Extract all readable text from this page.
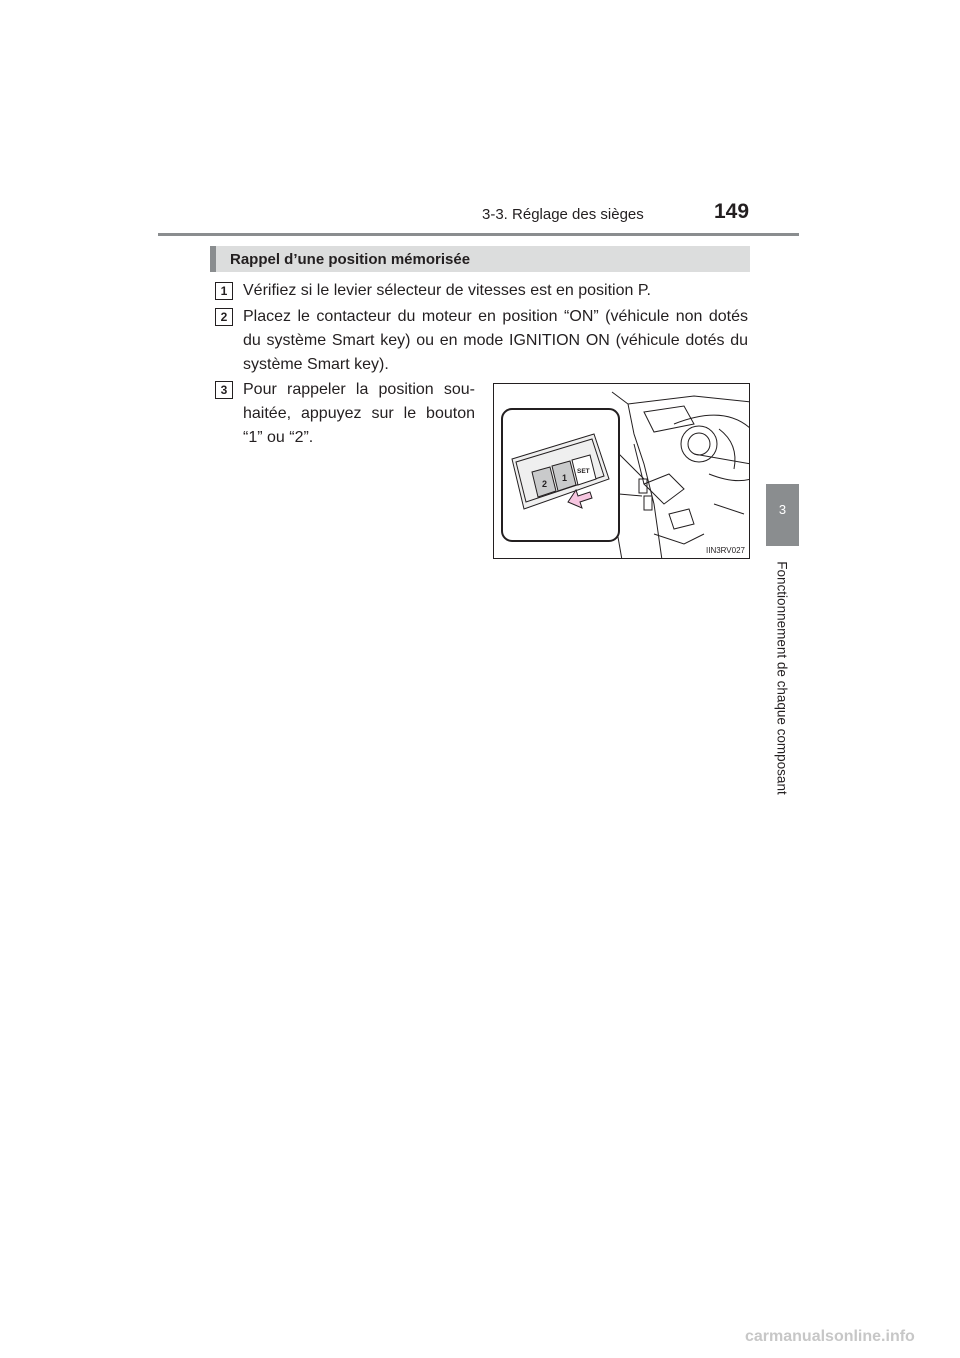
3-3. Réglage des sièges	149
3
Fonctionnement de chaque composant
Rappel d’une position mémorisée
1 Vérifiez si le levier sélecteur de vitesses est en position P.
2 Placez le contacteur du moteur en position “ON” (véhicule non dotés du système Smart key) ou en mode IGNITION ON (véhicule dotés du système Smart key).
3 Pour rappeler la position sou-haitée, appuyez sur le bouton “1” ou “2”.
2
1
SET
IIN3RV027
carmanualsonline.info
